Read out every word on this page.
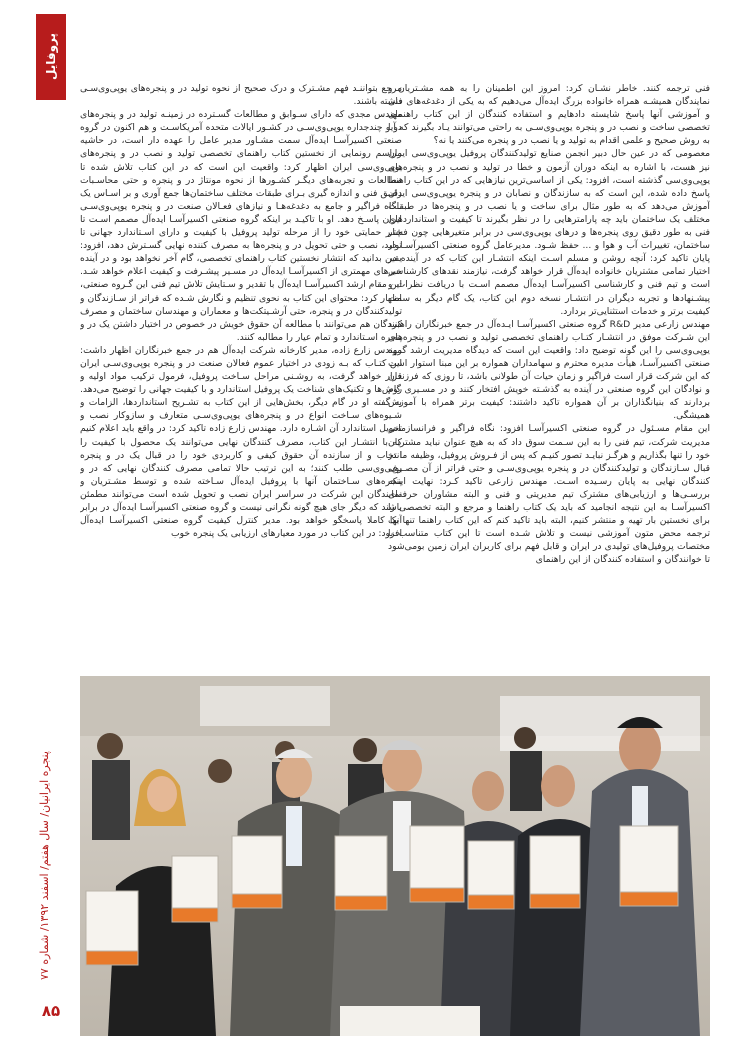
پروفایل
پنجره ایرانیان/ سال هفتم/ اسفند ۱۳۹۲/ شماره ۷۷
۸۵

فنی ترجمه کنند. خاطر نشـان کرد: امروز این اطمینان را به همه مشـتریان و نمایندگان همیشـه همراه خانواده بزرگ ایده‌آل می‌دهیم که به یکی از دغدغه‌های فنی و آموزشی آنها پاسخ شایسته دادهایم و استفاده کنندگان از این کتاب راهنمای تخصصی ساخت و نصب در و پنجره یوپی‌وی‌سـی به راحتی می‌توانند یـاد بگیرند که آیا به روش صحیح و علمی اقدام به تولید و یا نصب در و پنجره می‌کنند یا نه؟

معصومی که در عین حال دبیر انجمن صنایع تولیدکنندگان پروفیل یوپی‌وی‌سی ایران نیز هست، با اشاره به اینکه دوران آزمون و خطا در تولید و نصب در و پنجره‌های یوپی‌وی‌سی گذشته است، افزود: یکی از اساسی‌ترین نیازهایی که در این کتاب راهنما پاسخ داده شده، این است که به سازندگان و نصابان در و پنجره یوپی‌وی‌سی ایران آموزش می‌دهد که به طور مثال برای ساخت و یا نصب در و پنجره‌ها در طبقات مختلف یک ساختمان باید چه پارامترهایی را در نظر بگیرند تا کیفیت و استانداردهای فنی به طور دقیق روی پنجره‌ها و درهای یوپی‌وی‌سی در برابر متغیرهایی چون فشار ساختمان، تغییرات آب و هوا و ... حفظ شـود. مدیرعامل گروه صنعتی اکسیرآسـا در پایان تاکید کرد: آنچه روشن و مسلم اسـت اینکه انتشـار این کتاب که در آینده در اختیار تمامی مشتریان خانواده ایده‌آل قرار خواهد گرفت، نیازمند نقدهای کارشناسی است و تیم فنی و کارشناسی اکسیرآسـا ایده‌آل مصمم اسـت با دریافت نظرات و پیشـنهادها و تجربه دیگران در انتشـار نسخه دوم این کتاب، یک گام دیگر به سمت کیفیت برتر و خدمات استثنایی‌تر بردارد.

مهندس زارعی مدیر R&D گروه صنعتی اکسیرآسـا ایـده‌آل در جمع خبرنگاران راهبرد این شـرکت موفق در انتشـار کتـاب راهنمای تخصصی تولید و نصب در و پنجره‌های یوپی‌وی‌سی را این گونه توضیح داد: واقعیت این است که دیدگاه مدیریت ارشد گروه صنعتی اکسیرآسـا، هیأت مدیره محترم و سهامداران همواره بر این مبنا استوار است که این شرکت قرار است فراگیر و زمان حیات آن طولانی باشد، تا روزی که فرزندان و نوادگان این گروه صنعتی در آینده به گذشـته خویش افتخار کنند و در مسـیری گام بردارند که بنیانگذاران بر آن همواره تاکید داشتند: کیفیت برتر همراه با آموزش همیشگی.

این مقام مسـئول در گروه صنعتی اکسیرآسـا افزود: نگاه فراگیر و فرانسازمانی مدیریت شرکت، تیم فنی را به این سـمت سوق داد که به هیچ عنوان نباید مشتریان خود را تنها بگذاریم و هرگـز نبایـد تصور کنیـم که پس از فـروش پروفیل، وظیفه ما در قبال سـازندگان و تولیدکنندگان در و پنجره یوپی‌وی‌سـی و حتی فراتر از آن مصـرف کنندگان نهایی به پایان رسـیده اسـت. مهندس زارعی تاکید کـرد: نهایت اینکه بررسـی‌ها و ارزیابی‌های مشترک تیم مدیریتی و فنی و البته مشاوران حرفه‌ای اکسیرآسـا به این نتیجه انجامید که باید یک کتاب راهنما و مرجع و البته تخصصی را برای نخستین بار تهیه و منتشر کنیم، البته باید تاکید کنم که این کتاب راهنما تنها یک ترجمه محض متون آموزشی نیست و تلاش شـده است تا این کتاب متناسب با مختصات پروفیل‌های تولیدی در ایران و قابل فهم برای کاربران ایران زمین بومی‌شود تا خوانندگان و استفاده کنندگان از این راهنمای

مرجع بتواننـد فهم مشـترک و درک صحیح از نحوه تولید در و پنجره‌های یوپی‌وی‌سـی داشته باشند.

مهندس مجدی که دارای سـوابق و مطالعات گسـترده در زمینـه تولید در و پنجره‌های دو و چندجداره یوپی‌وی‌سـی در کشـور ایالات متحده آمریکاسـت و هم اکنون در گروه صنعتی اکسیرآسـا ایده‌آل سمت مشـاور مدیر عامل را عهده دار است، در حاشیه مراسم رونمایی از نخستین کتاب راهنمای تخصصی تولید و نصب در و پنجره‌های یوپی‌وی‌سی ایران اظهار کرد: واقعیت این است که در این کتاب تلاش شده تا مطالعات و تجربه‌های دیگـر کشـورها از نحوه مونتاژ در و پنجره و حتی محاسـبات دقیـق فنی و اندازه گیری بـرای طبقات مختلف ساختمان‌ها جمع آوری و بر اسـاس یک نـگاه فراگیر و جامع به دغدغه‌هـا و نیازهای فعـالان صنعت در و پنجره یوپی‌وی‌سـی ایران پاسـخ دهد. او با تاکیـد بر اینکه گروه صنعتی اکسیرآسـا ایده‌آل مصمم اسـت تا چتـر حمایتی خود را از مرحله تولید پروفیل با کیفیت و دارای اسـتاندارد جهانی تا تولید، نصب و حتی تحویل در و پنجره‌ها به مصرف کننده نهایی گسـترش دهد، افزود: یقین بدانید که انتشار نخستین کتاب راهنمای تخصصی، گام آخر نخواهد بود و در آینده خبرهای مهمتری از اکسیرآسـا ایده‌آل در مسـیر پیشـرفت و کیفیت اعلام خواهد شـد. این مقام ارشد اکسیرآسـا ایده‌آل با تقدیر و سـتایش تلاش تیم فنی این گـروه صنعتی، اظهار کرد: محتوای این کتاب به نحوی تنظیم و نگارش شـده که فراتر از سـازندگان و تولیدکنندگان در و پنجره، حتی آرشـیتکت‌ها و معماران و مهندسان ساختمان و مصرف کنندگان هم می‌توانند با مطالعه آن حقوق خویش در خصوص در اختیار داشتن یک در و پنجره اسـتاندارد و تمام عیار را مطالبه کنند.

مهندس زارع زاده، مدیر کارخانه شرکت ایده‌آل هم در جمع خبرنگاران اظهار داشت: این کتـاب که بـه زودی در اختیار عموم فعالان صنعت در و پنجره یوپی‌وی‌سـی ایران قرار خواهد گرفت، به روشـنی مراحل سـاخت پروفیل، فرمول ترکیب مواد اولیه و روش‌ها و تکنیک‌های شناخت یک پروفیل استاندارد و با کیفیت جهانی را توضیح می‌دهد. به گفته او در گام دیگر، بخش‌هایی از این کتاب به تشـریح استانداردها، الزامات و شـیوه‌های سـاخت انواع در و پنجره‌های یوپی‌وی‌سـی متعارف و سازوکار نصب و تحویل استاندارد آن اشـاره دارد. مهندس زارع زاده تاکید کرد: در واقع باید اعلام کنیم که با انتشـار این کتاب، مصرف کنندگان نهایی می‌توانند یک محصول با کیفیت را انتخاب و از سازنده آن حقوق کیفی و کاربردی خود را در قبال یک در و پنجره یوپی‌وی‌سی طلب کنند؛ به این ترتیب حالا تمامی مصرف کنندگان نهایی که در و پنجره‌های سـاختمان آنها با پروفیل ایده‌آل سـاخته شده و توسط مشـتریان و نمایندگان این شرکت در سراسر ایران نصب و تحویل شده است می‌توانند مطمئن باشند که دیگر جای هیچ گونه نگرانی نیست و گروه صنعتی اکسیرآسـا ایده‌آل در برابر آنها کاملا پاسخگو خواهد بود. مدیر کنترل کیفیت گروه صنعتی اکسیرآسـا ایده‌آل افزود: در این کتاب در مورد معیارهای ارزیابی یک پنجره خوب
